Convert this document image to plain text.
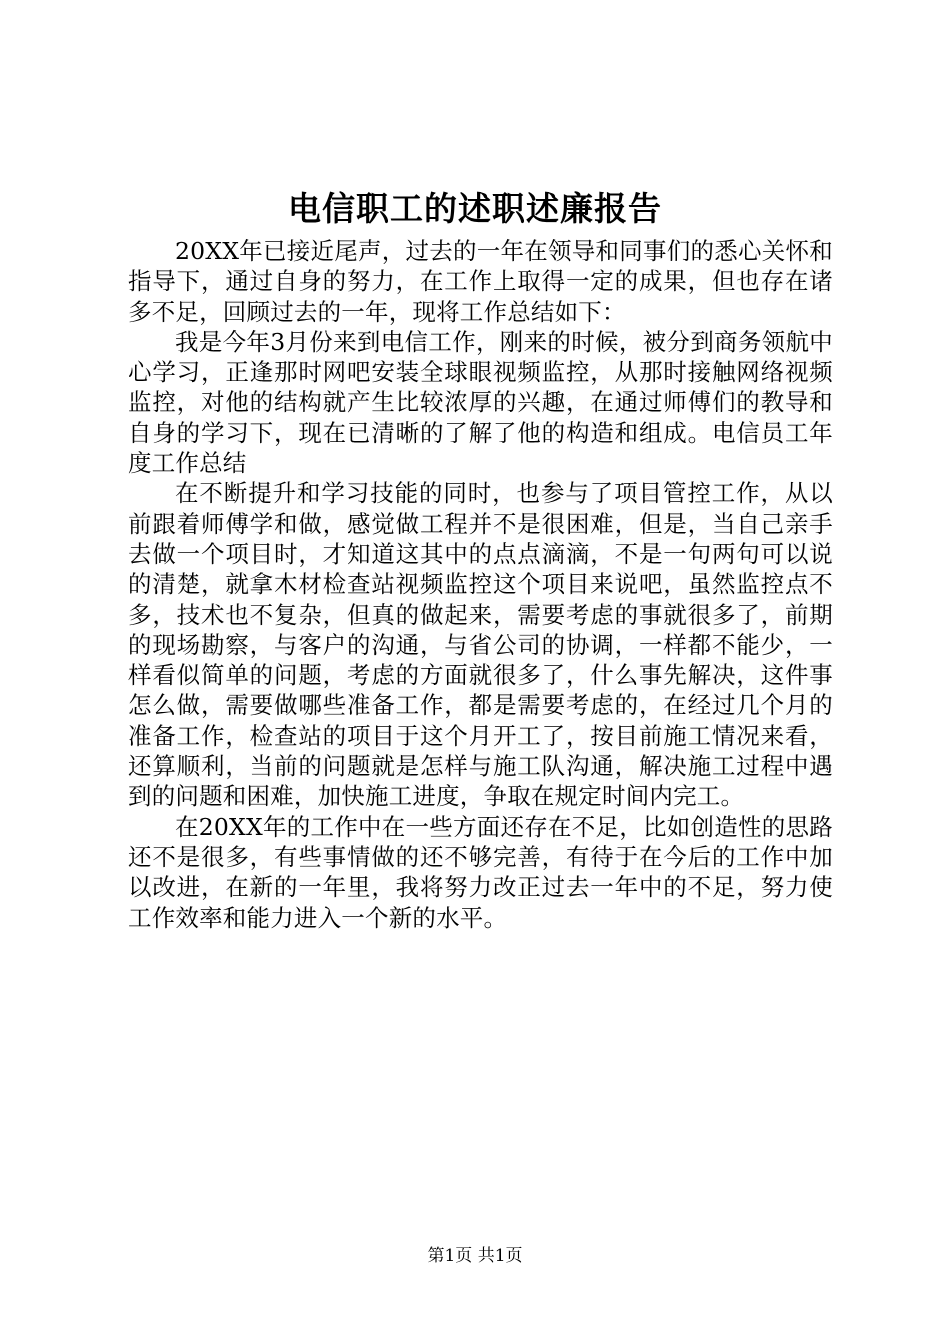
电信职工的述职述廉报告

20XX年已接近尾声，过去的一年在领导和同事们的悉心关怀和指导下，通过自身的努力，在工作上取得一定的成果，但也存在诸多不足，回顾过去的一年，现将工作总结如下：

我是今年3月份来到电信工作，刚来的时候，被分到商务领航中心学习，正逢那时网吧安装全球眼视频监控，从那时接触网络视频监控，对他的结构就产生比较浓厚的兴趣，在通过师傅们的教导和自身的学习下，现在已清晰的了解了他的构造和组成。电信员工年度工作总结

在不断提升和学习技能的同时，也参与了项目管控工作，从以前跟着师傅学和做，感觉做工程并不是很困难，但是，当自己亲手去做一个项目时，才知道这其中的点点滴滴，不是一句两句可以说的清楚，就拿木材检查站视频监控这个项目来说吧，虽然监控点不多，技术也不复杂，但真的做起来，需要考虑的事就很多了，前期的现场勘察，与客户的沟通，与省公司的协调，一样都不能少，一样看似简单的问题，考虑的方面就很多了，什么事先解决，这件事怎么做，需要做哪些准备工作，都是需要考虑的，在经过几个月的准备工作，检查站的项目于这个月开工了，按目前施工情况来看，还算顺利，当前的问题就是怎样与施工队沟通，解决施工过程中遇到的问题和困难，加快施工进度，争取在规定时间内完工。

在20XX年的工作中在一些方面还存在不足，比如创造性的思路还不是很多，有些事情做的还不够完善，有待于在今后的工作中加以改进，在新的一年里，我将努力改正过去一年中的不足，努力使工作效率和能力进入一个新的水平。

第1页 共1页
